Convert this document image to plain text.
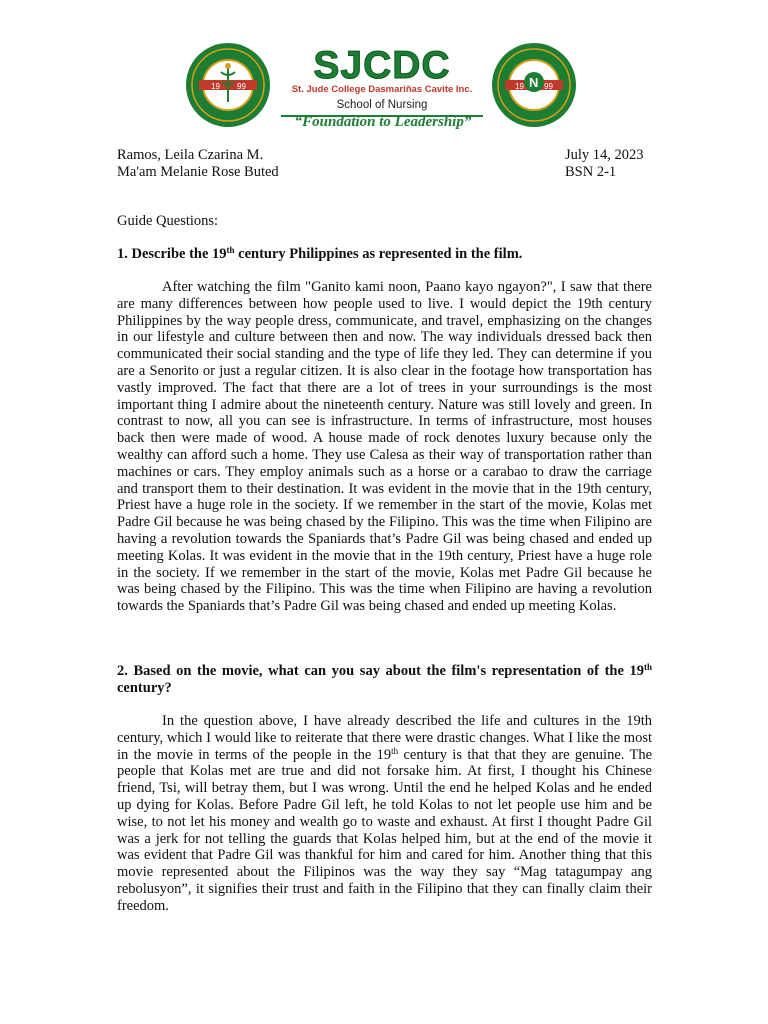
19 99	SJCDC
St. Jude College Dasmariñas Cavite Inc.
School of Nursing
“Foundation to Leadership”
N
19	99
Ramos, Leila Czarina M.	July 14, 2023
Ma'am Melanie Rose Buted	BSN 2-1
Guide Questions:
1. Describe the 19th century Philippines as represented in the film.

After watching the film "Ganito kami noon, Paano kayo ngayon?", I saw that there are many differences between how people used to live. I would depict the 19th century Philippines by the way people dress, communicate, and travel, emphasizing on the changes in our lifestyle and culture between then and now. The way individuals dressed back then communicated their social standing and the type of life they led. They can determine if you are a Senorito or just a regular citizen. It is also clear in the footage how transportation has vastly improved. The fact that there are a lot of trees in your surroundings is the most important thing I admire about the nineteenth century. Nature was still lovely and green. In contrast to now, all you can see is infrastructure. In terms of infrastructure, most houses back then were made of wood. A house made of rock denotes luxury because only the wealthy can afford such a home. They use Calesa as their way of transportation rather than machines or cars. They employ animals such as a horse or a carabao to draw the carriage and transport them to their destination. It was evident in the movie that in the 19th century, Priest have a huge role in the society. If we remember in the start of the movie, Kolas met Padre Gil because he was being chased by the Filipino. This was the time when Filipino are having a revolution towards the Spaniards that’s Padre Gil was being chased and ended up meeting Kolas. It was evident in the movie that in the 19th century, Priest have a huge role in the society. If we remember in the start of the movie, Kolas met Padre Gil because he was being chased by the Filipino. This was the time when Filipino are having a revolution towards the Spaniards that’s Padre Gil was being chased and ended up meeting Kolas.

2. Based on the movie, what can you say about the film's representation of the 19th century?

In the question above, I have already described the life and cultures in the 19th century, which I would like to reiterate that there were drastic changes. What I like the most in the movie in terms of the people in the 19th century is that that they are genuine. The people that Kolas met are true and did not forsake him. At first, I thought his Chinese friend, Tsi, will betray them, but I was wrong. Until the end he helped Kolas and he ended up dying for Kolas. Before Padre Gil left, he told Kolas to not let people use him and be wise, to not let his money and wealth go to waste and exhaust. At first I thought Padre Gil was a jerk for not telling the guards that Kolas helped him, but at the end of the movie it was evident that Padre Gil was thankful for him and cared for him. Another thing that this movie represented about the Filipinos was the way they say “Mag tatagumpay ang rebolusyon”, it signifies their trust and faith in the Filipino that they can finally claim their freedom.
